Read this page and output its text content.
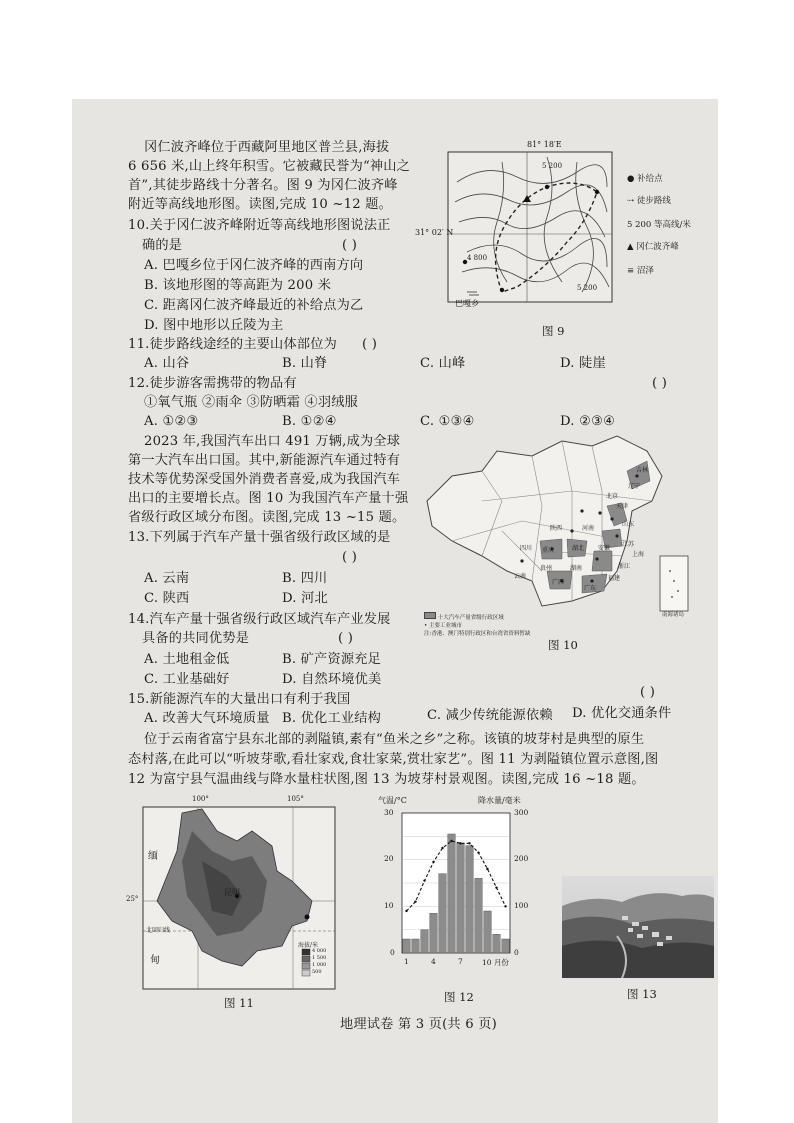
冈仁波齐峰位于西藏阿里地区普兰县,海拔
6 656 米,山上终年积雪。它被藏民誉为“神山之
首”,其徒步路线十分著名。图 9 为冈仁波齐峰
附近等高线地形图。读图,完成 10 ~12 题。
10.关于冈仁波齐峰附近等高线地形图说法正
确的是	( )
A. 巴嘎乡位于冈仁波齐峰的西南方向
B. 该地形图的等高距为 200 米
C. 距离冈仁波齐峰最近的补给点为乙
D. 图中地形以丘陵为主
11.徒步路线途经的主要山体部位为 ( )
A. 山谷	B. 山脊	C. 山峰	D. 陡崖
12.徒步游客需携带的物品有	( )
①氧气瓶 ②雨伞 ③防晒霜 ④羽绒服
A. ①②③	B. ①②④	C. ①③④	D. ②③④
2023 年,我国汽车出口 491 万辆,成为全球
第一大汽车出口国。其中,新能源汽车通过特有
技术等优势深受国外消费者喜爱,成为我国汽车
出口的主要增长点。图 10 为我国汽车产量十强
省级行政区域分布图。读图,完成 13 ~15 题。
13.下列属于汽车产量十强省级行政区域的是
( )
A. 云南	B. 四川
C. 陕西	D. 河北
14.汽车产量十强省级行政区域汽车产业发展
具备的共同优势是	( )
A. 土地租金低	B. 矿产资源充足
C. 工业基础好	D. 自然环境优美
15.新能源汽车的大量出口有利于我国	( )
A. 改善大气环境质量 B. 优化工业结构	C. 减少传统能源依赖 D. 优化交通条件
位于云南省富宁县东北部的剥隘镇,素有“鱼米之乡”之称。该镇的坡芽村是典型的原生
态村落,在此可以“听坡芽歌,看壮家戏,食壮家菜,赏壮家艺”。图 11 为剥隘镇位置示意图,图
12 为富宁县气温曲线与降水量柱状图,图 13 为坡芽村景观图。读图,完成 16 ~18 题。
81° 18′E
31° 02′ N
巴嘎乡
4 800
5 200
5 200
● 补给点
⇢ 徒步路线
5 200 等高线/米
▲ 冈仁波齐峰
≡ 沼泽
图 9
北京
天津
山东
江苏
上海
浙江
安徽
湖北
重庆
广东
广西
吉林
辽宁
河南
陕西
四川
贵州
云南
湖南
福建
南海诸岛
十大汽车产量省级行政区域
• 主要工业城市
注:香港、澳门特别行政区和台湾省资料暂缺
图 10
100°	105°
25°
缅
昆明
北回归线
甸
海拔/米
4 000
1 500
1 000
500
图 11
气温/°C	降水量/毫米
0
10
20
30
0
100
200
300
1	4	7	10 月份
图 12	图 13
地理试卷 第 3 页(共 6 页)
